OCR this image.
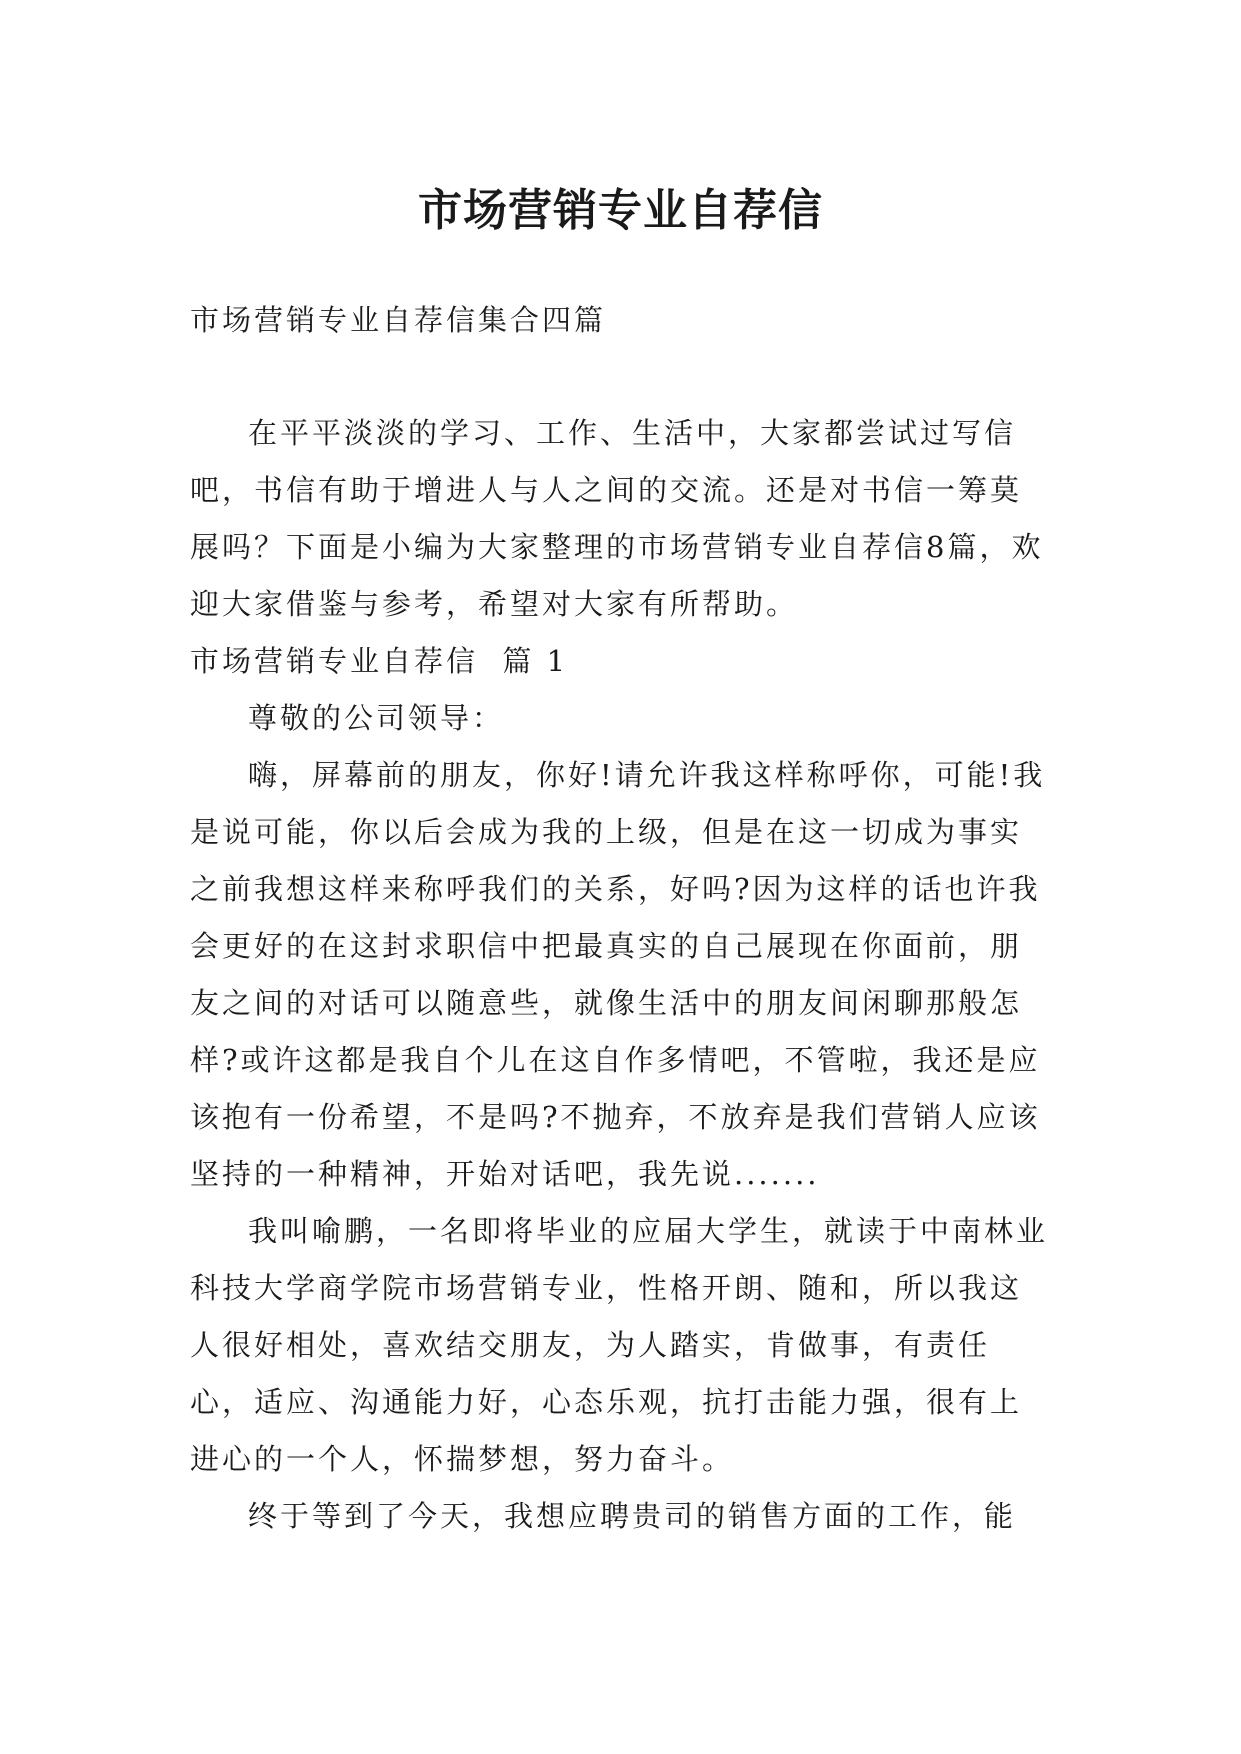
市场营销专业自荐信

市场营销专业自荐信集合四篇

在平平淡淡的学习、工作、生活中，大家都尝试过写信吧，书信有助于增进人与人之间的交流。还是对书信一筹莫展吗？下面是小编为大家整理的市场营销专业自荐信8篇，欢迎大家借鉴与参考，希望对大家有所帮助。

市场营销专业自荐信  篇 1

尊敬的公司领导：

嗨，屏幕前的朋友，你好!请允许我这样称呼你，可能!我是说可能，你以后会成为我的上级，但是在这一切成为事实之前我想这样来称呼我们的关系，好吗?因为这样的话也许我会更好的在这封求职信中把最真实的自己展现在你面前，朋友之间的对话可以随意些，就像生活中的朋友间闲聊那般怎样?或许这都是我自个儿在这自作多情吧，不管啦，我还是应该抱有一份希望，不是吗?不抛弃，不放弃是我们营销人应该坚持的一种精神，开始对话吧，我先说.......

我叫喻鹏，一名即将毕业的应届大学生，就读于中南林业科技大学商学院市场营销专业，性格开朗、随和，所以我这人很好相处，喜欢结交朋友，为人踏实，肯做事，有责任心，适应、沟通能力好，心态乐观，抗打击能力强，很有上进心的一个人，怀揣梦想，努力奋斗。

终于等到了今天，我想应聘贵司的销售方面的工作，能
